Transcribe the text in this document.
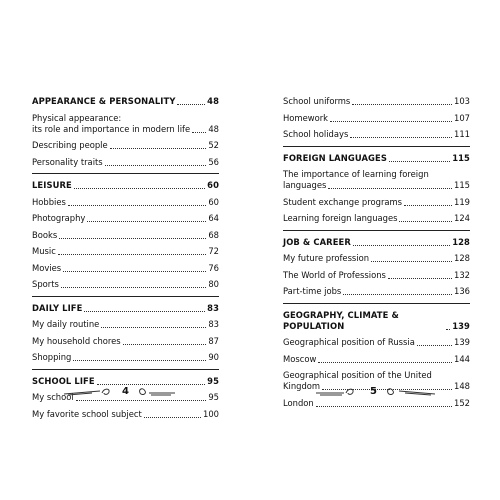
APPEARANCE & PERSONALITY	48
Physical appearance:
its role and importance in modern life 48
Describing people	52
Personality traits	56
LEISURE	60
Hobbies	60
Photography	64
Books	68
Music	72
Movies	76
Sports	80
DAILY LIFE	83
My daily routine	83
My household chores	87
Shopping	90
SCHOOL LIFE	95
My school	95
My favorite school subject	100
4
School uniforms	103
Homework	107
School holidays	111
FOREIGN LANGUAGES	115
The importance of learning foreign
languages	115
Student exchange programs	119
Learning foreign languages	124
JOB & CAREER	128
My future profession	128
The World of Professions	132
Part-time jobs	136
GEOGRAPHY, CLIMATE & POPULATION	139
Geographical position of Russia	139
Moscow	144
Geographical position of the United
Kingdom	148
London	152
5
